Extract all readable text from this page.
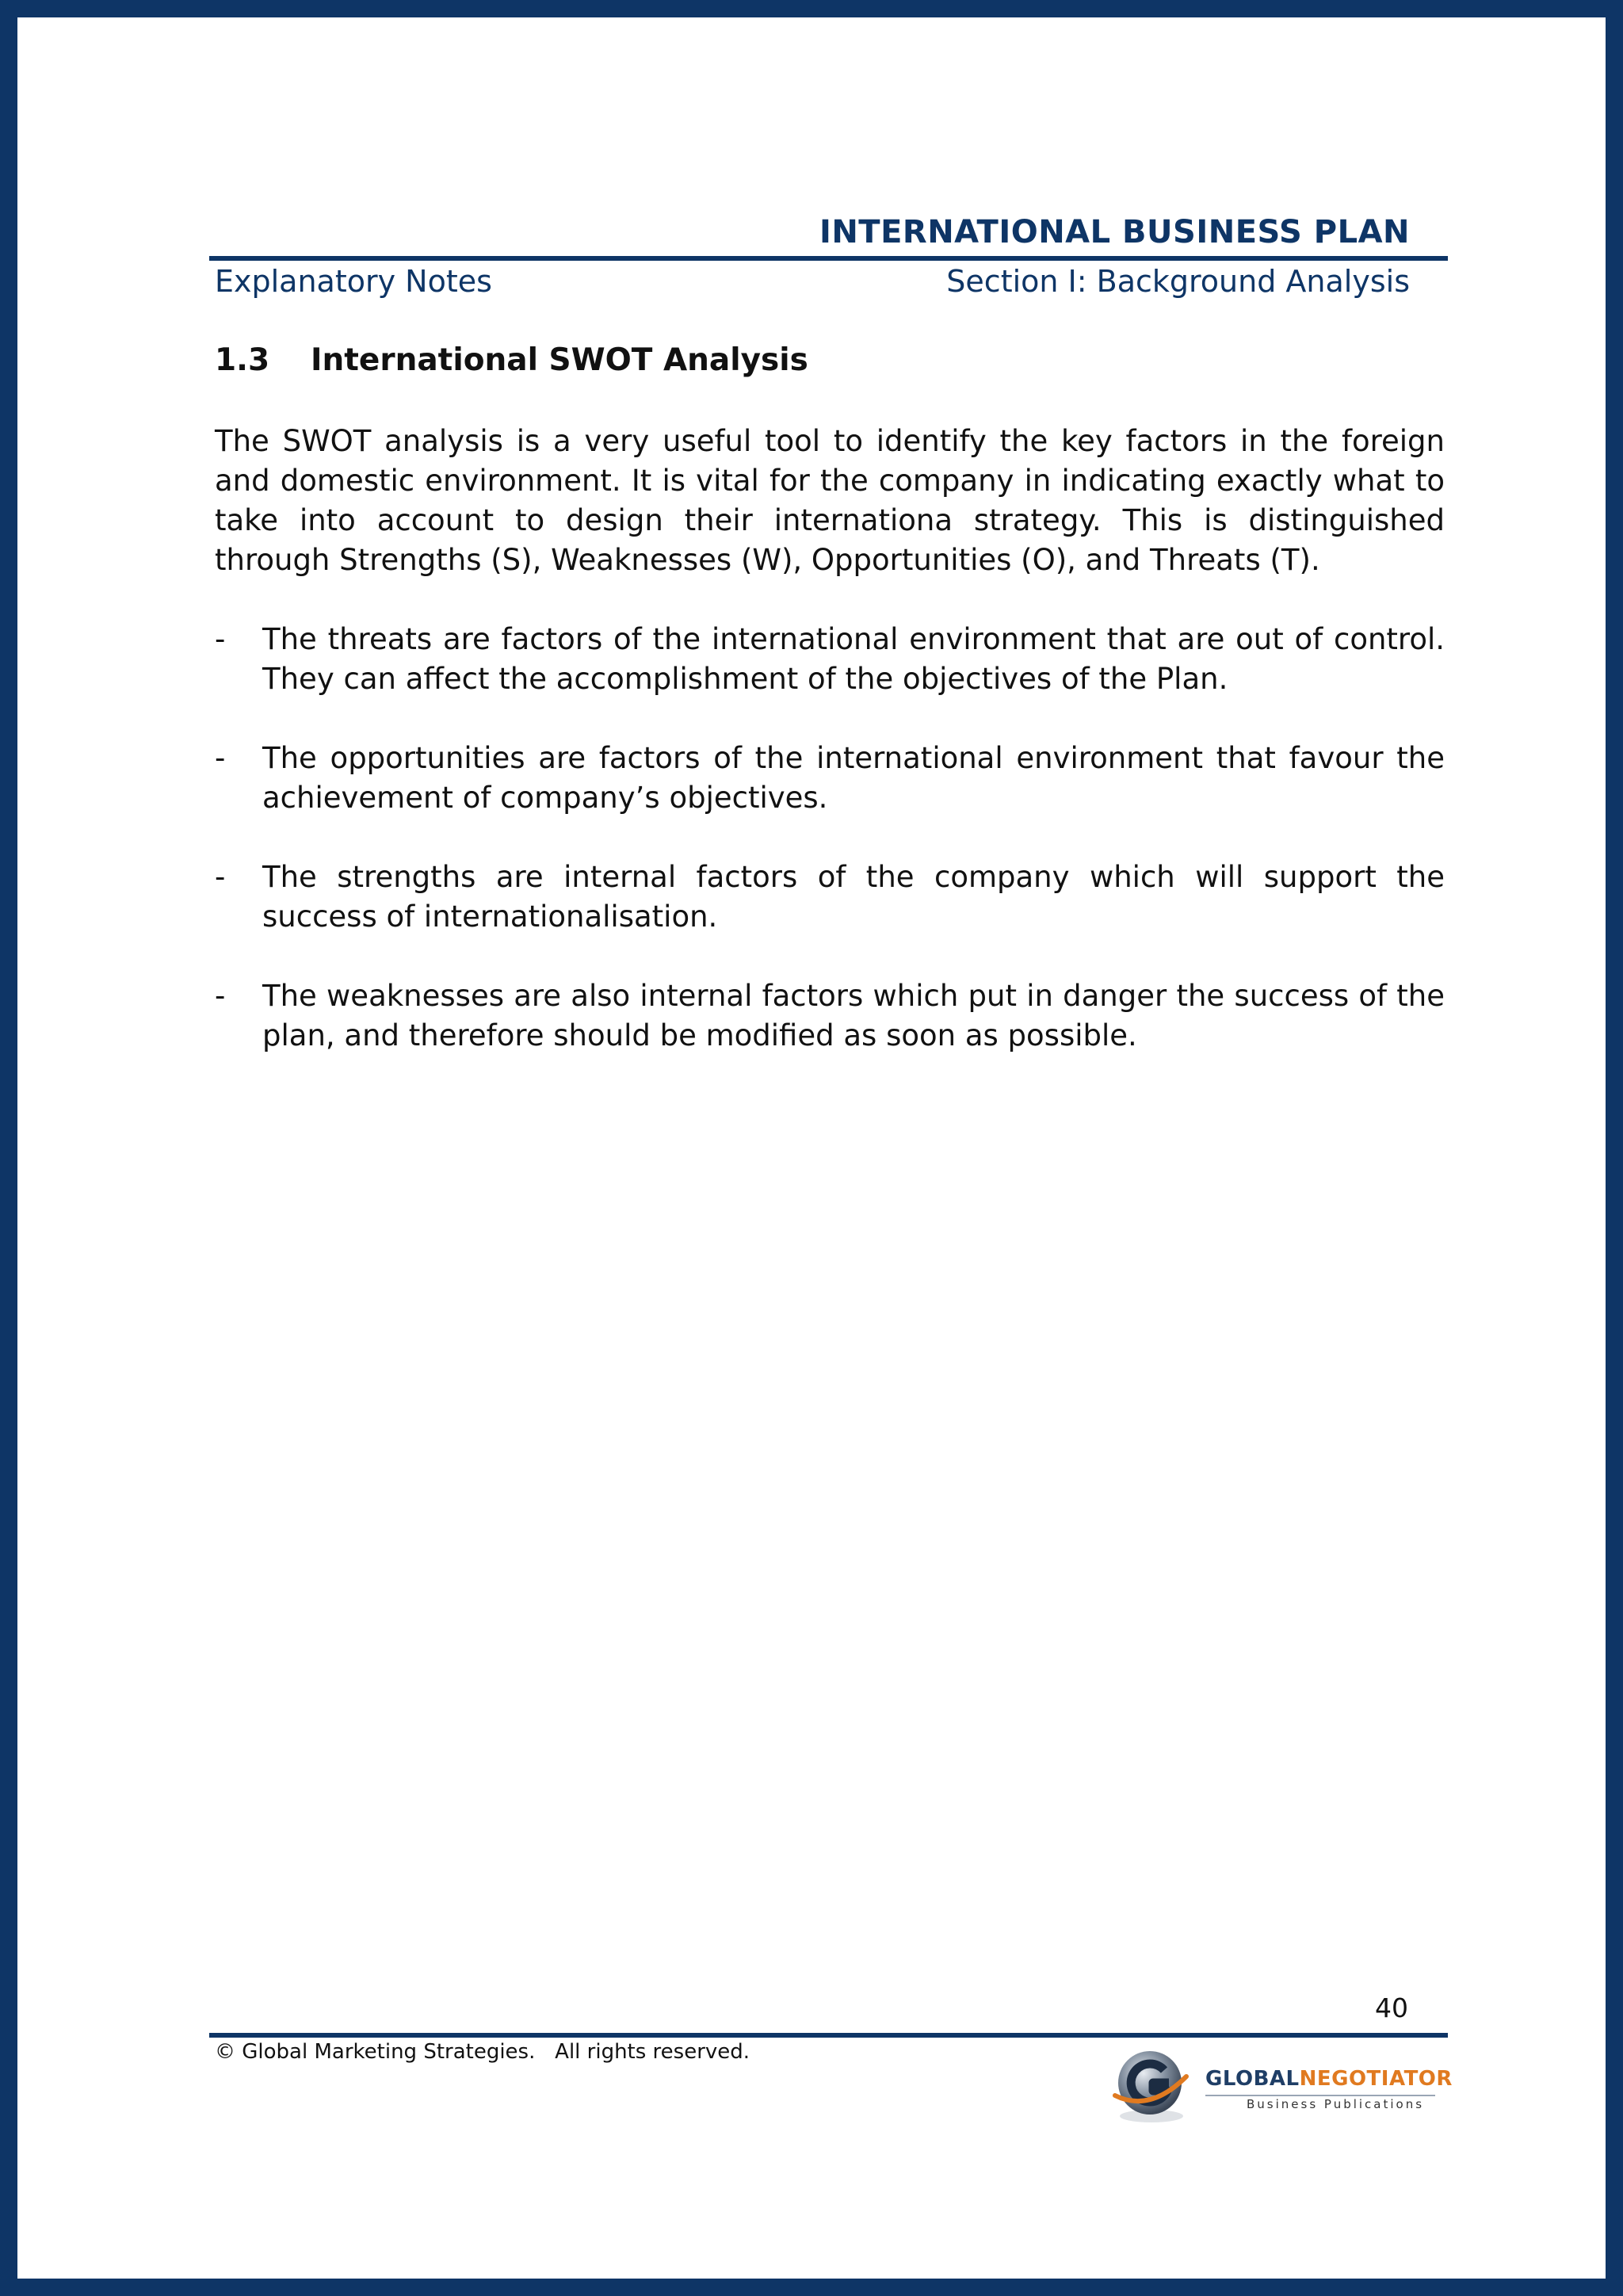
INTERNATIONAL BUSINESS PLAN
Explanatory Notes	Section I: Background Analysis
1.3 International SWOT Analysis

The SWOT analysis is a very useful tool to identify the key factors in the foreign and domestic environment. It is vital for the company in indicating exactly what to take into account to design their internationa strategy. This is distinguished through Strengths (S), Weaknesses (W), Opportunities (O), and Threats (T).

- The threats are factors of the international environment that are out of control. They can affect the accomplishment of the objectives of the Plan.
- The opportunities are factors of the international environment that favour the achievement of company’s objectives.
- The strengths are internal factors of the company which will support the success of internationalisation.
- The weaknesses are also internal factors which put in danger the success of the plan, and therefore should be modified as soon as possible.
40
© Global Marketing Strategies.   All rights reserved.
GLOBALNEGOTIATOR
Business Publications
